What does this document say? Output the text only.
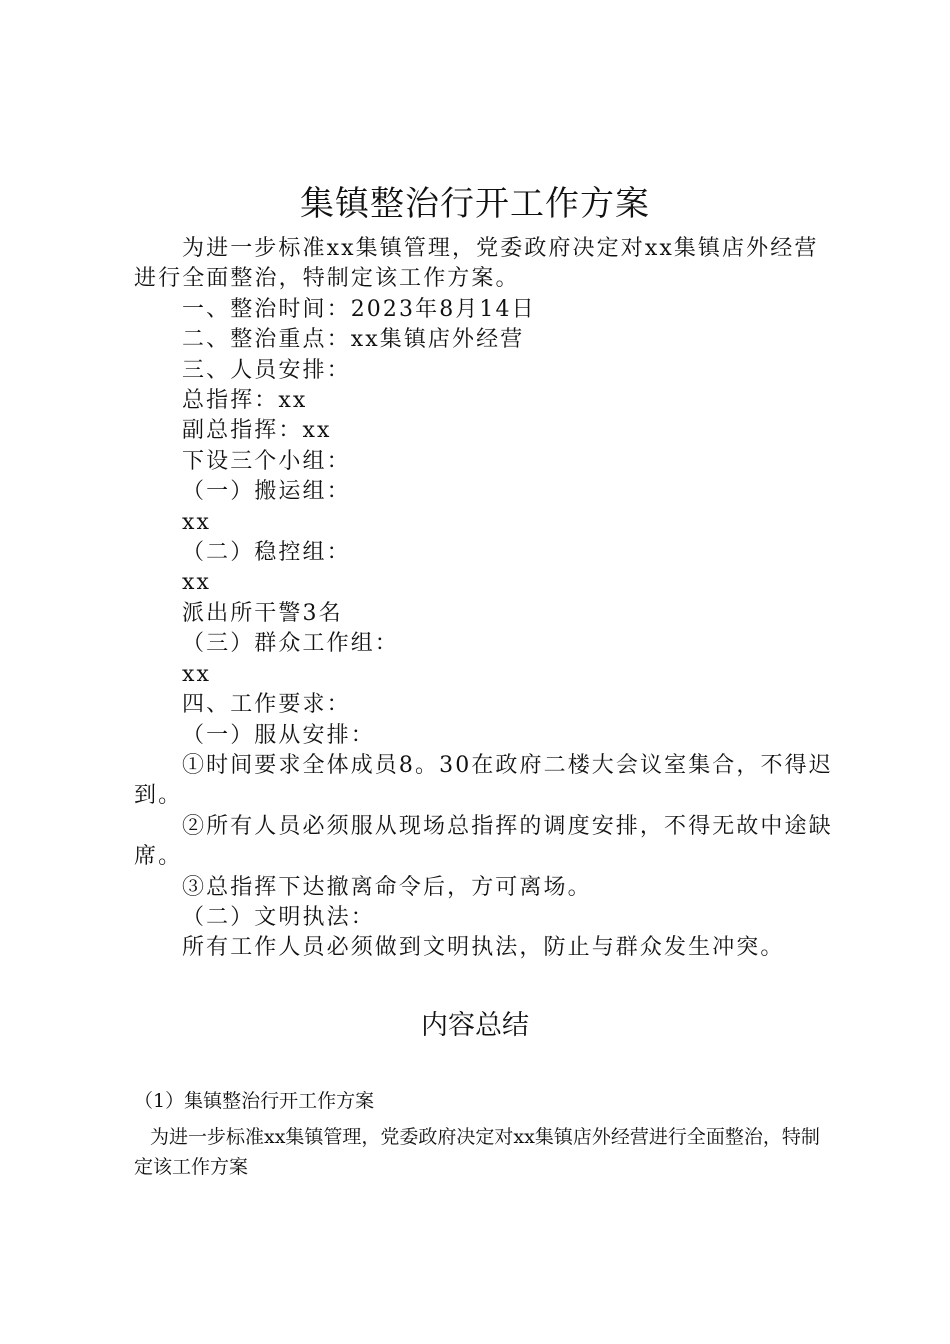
集镇整治行开工作方案

为进一步标准xx集镇管理，党委政府决定对xx集镇店外经营进行全面整治，特制定该工作方案。

一、整治时间：2023年8月14日

二、整治重点：xx集镇店外经营

三、人员安排：

总指挥：xx

副总指挥：xx

下设三个小组：

（一）搬运组：

xx

（二）稳控组：

xx

派出所干警3名

（三）群众工作组：

xx

四、工作要求：

（一）服从安排：

①时间要求全体成员8。30在政府二楼大会议室集合，不得迟到。

②所有人员必须服从现场总指挥的调度安排，不得无故中途缺席。

③总指挥下达撤离命令后，方可离场。

（二）文明执法：

所有工作人员必须做到文明执法，防止与群众发生冲突。

内容总结

（1）集镇整治行开工作方案

为进一步标准xx集镇管理，党委政府决定对xx集镇店外经营进行全面整治，特制定该工作方案
